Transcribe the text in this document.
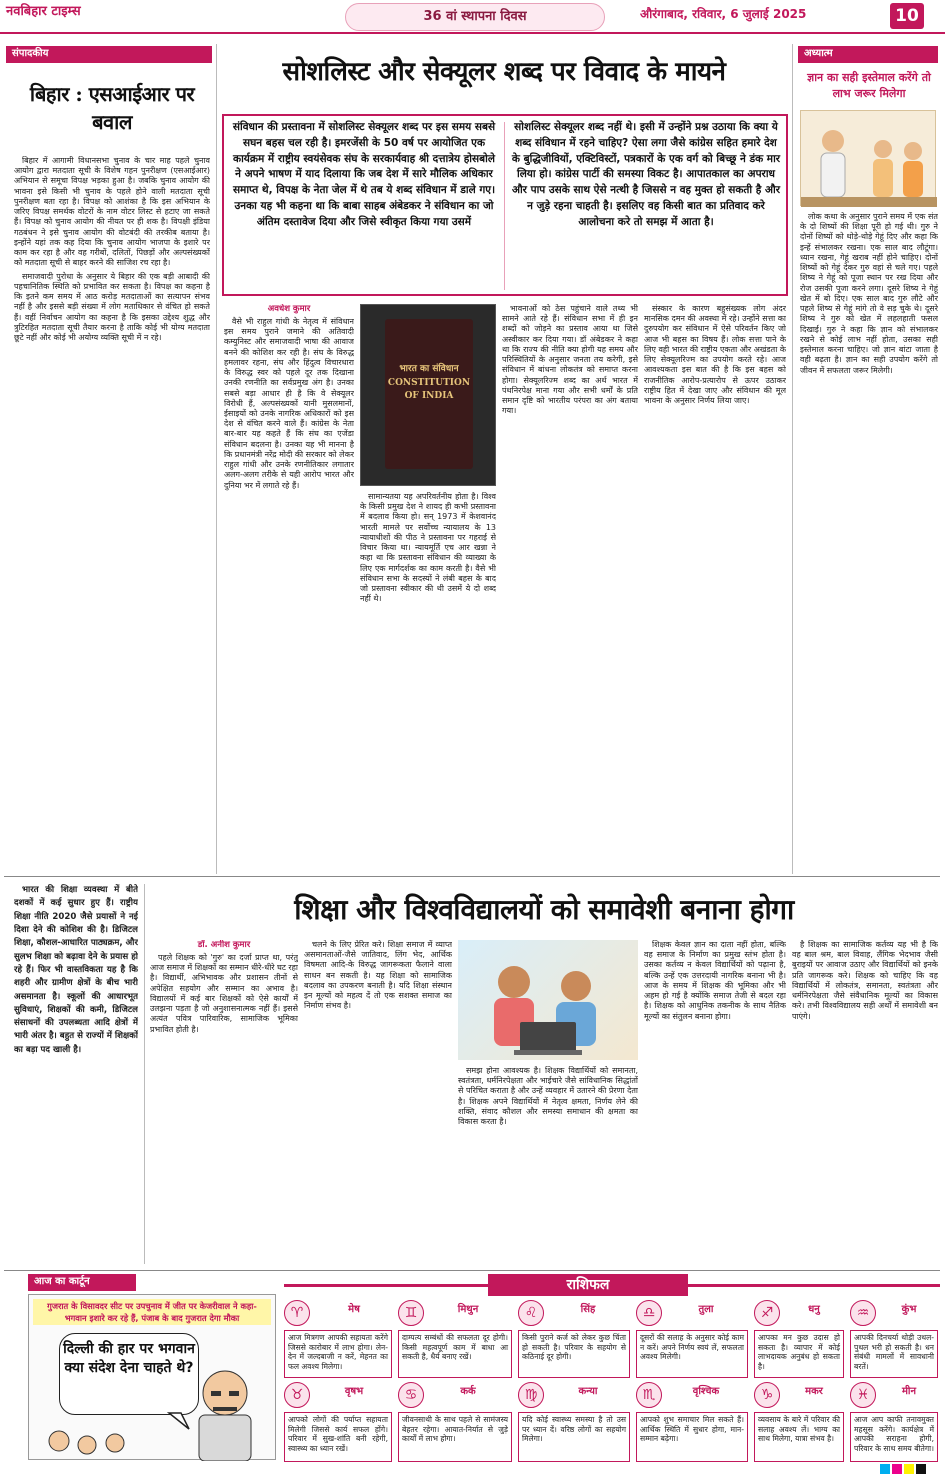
नवबिहार टाइम्स	36 वां स्थापना दिवस	औरंगाबाद, रविवार, 6 जुलाई 2025	10
संपादकीय
बिहार : एसआईआर पर बवाल

बिहार में आगामी विधानसभा चुनाव के चार माह पहले चुनाव आयोग द्वारा मतदाता सूची के विशेष गहन पुनरीक्षण (एसआईआर) अभियान से समूचा विपक्ष भड़का हुआ है। जबकि चुनाव आयोग की भावना इसे किसी भी चुनाव के पहले होने वाली मतदाता सूची पुनरीक्षण बता रहा है। विपक्ष को आशंका है कि इस अभियान के जरिए विपक्ष समर्थक वोटरों के नाम वोटर लिस्ट से हटाए जा सकते हैं। विपक्ष को चुनाव आयोग की नीयत पर ही शक है। विपक्षी इंडिया गठबंधन ने इसे चुनाव आयोग की वोटबंदी की तरकीब बताया है। इन्होंने यहां तक कह दिया कि चुनाव आयोग भाजपा के इशारे पर काम कर रहा है और वह गरीबों, दलितों, पिछड़ों और अल्पसंख्यकों को मतदाता सूची से बाहर करने की साजिश रच रहा है।

समाजवादी पुरोधा के अनुसार ये बिहार की एक बड़ी आबादी की पहचानितिक स्थिति को प्रभावित कर सकता है। विपक्ष का कहना है कि इतने कम समय में आठ करोड़ मतदाताओं का सत्यापन संभव नहीं है और इससे बड़ी संख्या में लोग मताधिकार से वंचित हो सकते हैं। वहीं निर्वाचन आयोग का कहना है कि इसका उद्देश्य शुद्ध और त्रुटिरहित मतदाता सूची तैयार करना है ताकि कोई भी योग्य मतदाता छूटे नहीं और कोई भी अयोग्य व्यक्ति सूची में न रहे।

सोशलिस्ट और सेक्यूलर शब्द पर विवाद के मायने
संविधान की प्रस्तावना में सोशलिस्ट सेक्यूलर शब्द पर इस समय सबसे सघन बहस चल रही है। इमरजेंसी के 50 वर्ष पर आयोजित एक कार्यक्रम में राष्ट्रीय स्वयंसेवक संघ के सरकार्यवाह श्री दत्तात्रेय होसबोले ने अपने भाषण में याद दिलाया कि जब देश में सारे मौलिक अधिकार समाप्त थे, विपक्ष के नेता जेल में थे तब ये शब्द संविधान में डाले गए। उनका यह भी कहना था कि बाबा साहब अंबेडकर ने संविधान का जो अंतिम दस्तावेज दिया और जिसे स्वीकृत किया गया उसमें
सोशलिस्ट सेक्यूलर शब्द नहीं थे। इसी में उन्होंने प्रश्न उठाया कि क्या ये शब्द संविधान में रहने चाहिए? ऐसा लगा जैसे कांग्रेस सहित हमारे देश के बुद्धिजीवियों, एक्टिविस्टों, पत्रकारों के एक वर्ग को बिच्छू ने डंक मार लिया हो। कांग्रेस पार्टी की समस्या विकट है। आपातकाल का अपराध और पाप उसके साथ ऐसे नत्थी है जिससे न वह मुक्त हो सकती है और न जुड़े रहना चाहती है। इसलिए वह किसी बात का प्रतिवाद करे आलोचना करे तो समझ में आता है।
अवधेश कुमार

वैसे भी राहुल गांधी के नेतृत्व में संविधान इस समय पुराने जमाने की अतिवादी कम्युनिस्ट और समाजवादी भाषा की आवाज बनने की कोशिश कर रही है। संघ के विरुद्ध हमलावर रहना, संघ और हिंदुत्व विचारधारा के विरुद्ध स्वर को पहले दूर तक दिखाना उनकी रणनीति का सर्वप्रमुख अंग है। उनका सबसे बड़ा आधार ही है कि वे सेक्यूलर विरोधी हैं, अल्पसंख्यकों यानी मुसलमानों, ईसाइयों को उनके नागरिक अधिकारों को इस देश से वंचित करने वाले हैं। कांग्रेस के नेता बार-बार यह कहते हैं कि संघ का एजेंडा संविधान बदलना है। उनका यह भी मानना है कि प्रधानमंत्री नरेंद्र मोदी की सरकार को लेकर राहुल गांधी और उनके रणनीतिकार लगातार अलग-अलग तरीके से यही आरोप भारत और दुनिया भर में लगाते रहे हैं।

भारत का संविधान CONSTITUTION OF INDIA

सामान्यतया यह अपरिवर्तनीय होता है। विश्व के किसी प्रमुख देश ने शायद ही कभी प्रस्तावना में बदलाव किया हो। सन् 1973 में केशवानंद भारती मामले पर सर्वोच्च न्यायालय के 13 न्यायाधीशों की पीठ ने प्रस्तावना पर गहराई से विचार किया था। न्यायमूर्ति एच आर खन्ना ने कहा था कि प्रस्तावना संविधान की व्याख्या के लिए एक मार्गदर्शक का काम करती है। वैसे भी संविधान सभा के सदस्यों ने लंबी बहस के बाद जो प्रस्तावना स्वीकार की थी उसमें ये दो शब्द नहीं थे।

भावनाओं को ठेस पहुंचाने वाले तथ्य भी सामने आते रहे हैं। संविधान सभा में ही इन शब्दों को जोड़ने का प्रस्ताव आया था जिसे अस्वीकार कर दिया गया। डॉ अंबेडकर ने कहा था कि राज्य की नीति क्या होगी यह समय और परिस्थितियों के अनुसार जनता तय करेगी, इसे संविधान में बांधना लोकतंत्र को समाप्त करना होगा। सेक्यूलरिज्म शब्द का अर्थ भारत में पंथनिरपेक्ष माना गया और सभी धर्मों के प्रति समान दृष्टि को भारतीय परंपरा का अंग बताया गया।

संस्कार के कारण बहुसंख्यक लोग अंदर मानसिक दमन की अवस्था में रहे। उन्होंने सत्ता का दुरुपयोग कर संविधान में ऐसे परिवर्तन किए जो आज भी बहस का विषय हैं। लोक सत्ता पाने के लिए वही भारत की राष्ट्रीय एकता और अखंडता के लिए सेक्यूलरिज्म का उपयोग करते रहे। आज आवश्यकता इस बात की है कि इस बहस को राजनीतिक आरोप-प्रत्यारोप से ऊपर उठाकर राष्ट्रीय हित में देखा जाए और संविधान की मूल भावना के अनुसार निर्णय लिया जाए।

अध्यात्म
ज्ञान का सही इस्तेमाल करेंगे तो लाभ जरूर मिलेगा

लोक कथा के अनुसार पुराने समय में एक संत के दो शिष्यों की शिक्षा पूरी हो गई थी। गुरु ने दोनों शिष्यों को थोड़े-थोड़े गेहूं दिए और कहा कि इन्हें संभालकर रखना। एक साल बाद लौटूंगा। ध्यान रखना, गेहूं खराब नहीं होने चाहिए। दोनों शिष्यों को गेहूं देकर गुरु वहां से चले गए। पहले शिष्य ने गेहूं को पूजा स्थान पर रख दिया और रोज उसकी पूजा करने लगा। दूसरे शिष्य ने गेहूं खेत में बो दिए। एक साल बाद गुरु लौटे और पहले शिष्य से गेहूं मांगे तो वे सड़ चुके थे। दूसरे शिष्य ने गुरु को खेत में लहलहाती फसल दिखाई। गुरु ने कहा कि ज्ञान को संभालकर रखने से कोई लाभ नहीं होता, उसका सही इस्तेमाल करना चाहिए। जो ज्ञान बांटा जाता है वही बढ़ता है। ज्ञान का सही उपयोग करेंगे तो जीवन में सफलता जरूर मिलेगी।

भारत की शिक्षा व्यवस्था में बीते दशकों में कई सुधार हुए हैं। राष्ट्रीय शिक्षा नीति 2020 जैसे प्रयासों ने नई दिशा देने की कोशिश की है। डिजिटल शिक्षा, कौशल-आधारित पाठ्यक्रम, और सुलभ शिक्षा को बढ़ावा देने के प्रयास हो रहे हैं। फिर भी वास्तविकता यह है कि शहरी और ग्रामीण क्षेत्रों के बीच भारी असमानता है। स्कूलों की आधारभूत सुविधाएं, शिक्षकों की कमी, डिजिटल संसाधनों की उपलब्धता आदि क्षेत्रों में भारी अंतर है। बहुत से राज्यों में शिक्षकों का बड़ा पद खाली है।

शिक्षा और विश्वविद्यालयों को समावेशी बनाना होगा
डॉ. अनीश कुमार

पहले शिक्षक को 'गुरु' का दर्जा प्राप्त था, परंतु आज समाज में शिक्षकों का सम्मान धीरे-धीरे घट रहा है। विद्यार्थी, अभिभावक और प्रशासन तीनों से अपेक्षित सहयोग और सम्मान का अभाव है। विद्यालयों में कई बार शिक्षकों को ऐसे कार्यों में उलझना पड़ता है जो अनुशासनात्मक नहीं हैं। इससे अत्यंत पवित्र पारिवारिक, सामाजिक भूमिका प्रभावित होती है।

चलने के लिए प्रेरित करे। शिक्षा समाज में व्याप्त असमानताओं-जैसे जातिवाद, लिंग भेद, आर्थिक विषमता आदि-के विरुद्ध जागरूकता फैलाने वाला साधन बन सकती है। यह शिक्षा को सामाजिक बदलाव का उपकरण बनाती है। यदि शिक्षा संस्थान इन मूल्यों को महत्व दें तो एक सशक्त समाज का निर्माण संभव है।

समझ होना आवश्यक है। शिक्षक विद्यार्थियों को समानता, स्वतंत्रता, धर्मनिरपेक्षता और भाईचारे जैसे सांविधानिक सिद्धांतों से परिचित कराता है और उन्हें व्यवहार में उतारने की प्रेरणा देता है। शिक्षक अपने विद्यार्थियों में नेतृत्व क्षमता, निर्णय लेने की शक्ति, संवाद कौशल और समस्या समाधान की क्षमता का विकास करता है।

शिक्षक केवल ज्ञान का दाता नहीं होता, बल्कि वह समाज के निर्माण का प्रमुख स्तंभ होता है। उसका कर्तव्य न केवल विद्यार्थियों को पढ़ाना है, बल्कि उन्हें एक उत्तरदायी नागरिक बनाना भी है। आज के समय में शिक्षक की भूमिका और भी अहम हो गई है क्योंकि समाज तेजी से बदल रहा है। शिक्षक को आधुनिक तकनीक के साथ नैतिक मूल्यों का संतुलन बनाना होगा।

है शिक्षक का सामाजिक कर्तव्य यह भी है कि वह बाल श्रम, बाल विवाह, लैंगिक भेदभाव जैसी बुराइयों पर आवाज उठाए और विद्यार्थियों को इनके प्रति जागरूक करे। शिक्षक को चाहिए कि वह विद्यार्थियों में लोकतंत्र, समानता, स्वतंत्रता और धर्मनिरपेक्षता जैसे संवैधानिक मूल्यों का विकास करे। तभी विश्वविद्यालय सही अर्थों में समावेशी बन पाएंगे।

आज का कार्टून
गुजरात के विसावदर सीट पर उपचुनाव में जीत पर केजरीवाल ने कहा- भगवान इशारे कर रहे हैं, पंजाब के बाद गुजरात देगा मौका
दिल्ली की हार पर भगवान क्या संदेश देना चाहते थे?
राशिफल
♈	मेष
आज मित्रगण आपकी सहायता करेंगे जिससे कारोबार में लाभ होगा। लेन-देन में जल्दबाजी न करें, मेहनत का फल अवश्य मिलेगा।
♉	वृषभ
आपको लोगों की पर्याप्त सहायता मिलेगी जिससे कार्य सफल होंगे। परिवार में सुख-शांति बनी रहेगी, स्वास्थ्य का ध्यान रखें।
♊	मिथुन
दाम्पत्य सम्बंधों की सफलता दूर होगी। किसी महत्वपूर्ण काम में बाधा आ सकती है, धैर्य बनाए रखें।
♋	कर्क
जीवनसाथी के साथ पहले से सामंजस्य बेहतर रहेगा। आयात-निर्यात से जुड़े कार्यों में लाभ होगा।
♌	सिंह
किसी पुराने कर्ज को लेकर कुछ चिंता हो सकती है। परिवार के सहयोग से कठिनाई दूर होगी।
♍	कन्या
यदि कोई स्वास्थ्य समस्या है तो उस पर ध्यान दें। वरिष्ठ लोगों का सहयोग मिलेगा।
♎	तुला
दूसरों की सलाह के अनुसार कोई काम न करें। अपने निर्णय स्वयं लें, सफलता अवश्य मिलेगी।
♏	वृश्चिक
आपको शुभ समाचार मिल सकते हैं। आर्थिक स्थिति में सुधार होगा, मान-सम्मान बढ़ेगा।
♐	धनु
आपका मन कुछ उदास हो सकता है। व्यापार में कोई लाभदायक अनुबंध हो सकता है।
♑	मकर
व्यवसाय के बारे में परिवार की सलाह अवश्य लें। भाग्य का साथ मिलेगा, यात्रा संभव है।
♒	कुंभ
आपकी दिनचर्या थोड़ी उथल-पुथल भरी हो सकती है। धन संबंधी मामलों में सावधानी बरतें।
♓	मीन
आज आप काफी तनावमुक्त महसूस करेंगे। कार्यक्षेत्र में आपकी सराहना होगी, परिवार के साथ समय बीतेगा।
